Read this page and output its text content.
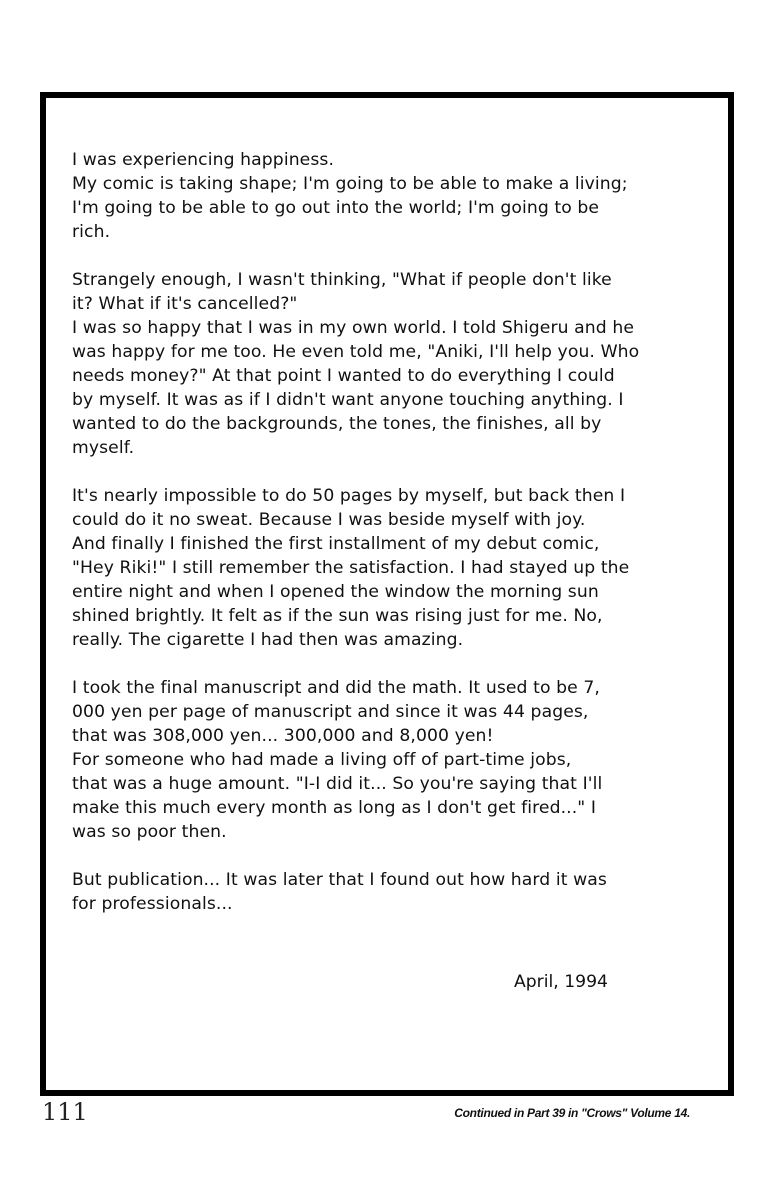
I was experiencing happiness.
My comic is taking shape; I'm going to be able to make a living;
I'm going to be able to go out into the world; I'm going to be
rich.

Strangely enough, I wasn't thinking, "What if people don't like
it? What if it's cancelled?"
I was so happy that I was in my own world. I told Shigeru and he
was happy for me too. He even told me, "Aniki, I'll help you. Who
needs money?" At that point I wanted to do everything I could
by myself. It was as if I didn't want anyone touching anything. I
wanted to do the backgrounds, the tones, the finishes, all by
myself.

It's nearly impossible to do 50 pages by myself, but back then I
could do it no sweat. Because I was beside myself with joy.
And finally I finished the first installment of my debut comic,
"Hey Riki!" I still remember the satisfaction. I had stayed up the
entire night and when I opened the window the morning sun
shined brightly. It felt as if the sun was rising just for me. No,
really. The cigarette I had then was amazing.

I took the final manuscript and did the math. It used to be 7,
000 yen per page of manuscript and since it was 44 pages,
that was 308,000 yen... 300,000 and 8,000 yen!
For someone who had made a living off of part-time jobs,
that was a huge amount. "I-I did it... So you're saying that I'll
make this much every month as long as I don't get fired..." I
was so poor then.

But publication... It was later that I found out how hard it was
for professionals...

April, 1994
111	Continued in Part 39 in "Crows" Volume 14.
